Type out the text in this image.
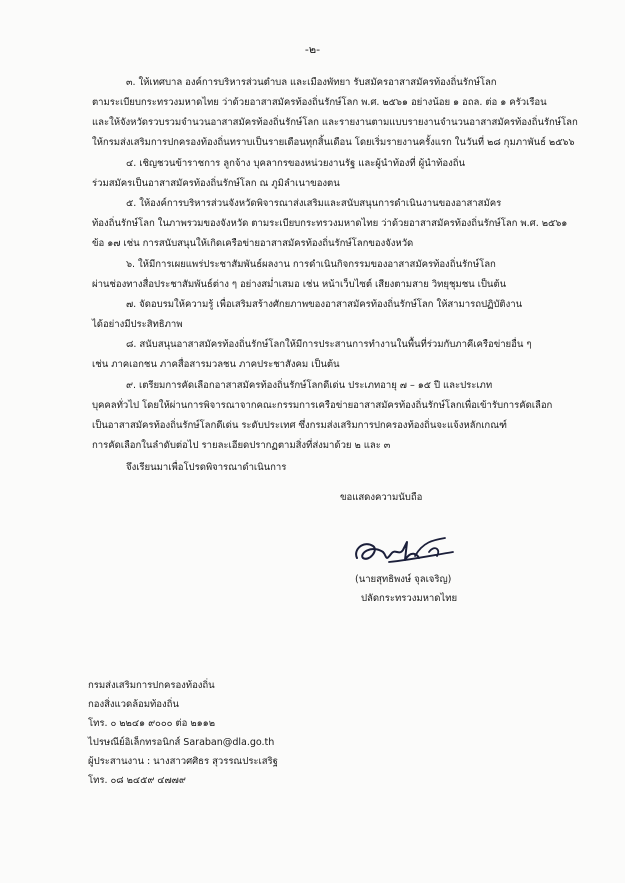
-๒-
๓. ให้เทศบาล องค์การบริหารส่วนตำบล และเมืองพัทยา รับสมัครอาสาสมัครท้องถิ่นรักษ์โลก
ตามระเบียบกระทรวงมหาดไทย ว่าด้วยอาสาสมัครท้องถิ่นรักษ์โลก พ.ศ. ๒๕๖๑ อย่างน้อย ๑ อถล. ต่อ ๑ ครัวเรือน
และให้จังหวัดรวบรวมจำนวนอาสาสมัครท้องถิ่นรักษ์โลก และรายงานตามแบบรายงานจำนวนอาสาสมัครท้องถิ่นรักษ์โลก
ให้กรมส่งเสริมการปกครองท้องถิ่นทราบเป็นรายเดือนทุกสิ้นเดือน โดยเริ่มรายงานครั้งแรก ในวันที่ ๒๘ กุมภาพันธ์ ๒๕๖๖
๔. เชิญชวนข้าราชการ ลูกจ้าง บุคลากรของหน่วยงานรัฐ และผู้นำท้องที่ ผู้นำท้องถิ่น
ร่วมสมัครเป็นอาสาสมัครท้องถิ่นรักษ์โลก ณ ภูมิลำเนาของตน
๕. ให้องค์การบริหารส่วนจังหวัดพิจารณาส่งเสริมและสนับสนุนการดำเนินงานของอาสาสมัคร
ท้องถิ่นรักษ์โลก ในภาพรวมของจังหวัด ตามระเบียบกระทรวงมหาดไทย ว่าด้วยอาสาสมัครท้องถิ่นรักษ์โลก พ.ศ. ๒๕๖๑
ข้อ ๑๗ เช่น การสนับสนุนให้เกิดเครือข่ายอาสาสมัครท้องถิ่นรักษ์โลกของจังหวัด
๖. ให้มีการเผยแพร่ประชาสัมพันธ์ผลงาน การดำเนินกิจกรรมของอาสาสมัครท้องถิ่นรักษ์โลก
ผ่านช่องทางสื่อประชาสัมพันธ์ต่าง ๆ อย่างสม่ำเสมอ เช่น หน้าเว็บไซต์ เสียงตามสาย วิทยุชุมชน เป็นต้น
๗. จัดอบรมให้ความรู้ เพื่อเสริมสร้างศักยภาพของอาสาสมัครท้องถิ่นรักษ์โลก ให้สามารถปฏิบัติงาน
ได้อย่างมีประสิทธิภาพ
๘. สนับสนุนอาสาสมัครท้องถิ่นรักษ์โลกให้มีการประสานการทำงานในพื้นที่ร่วมกับภาคีเครือข่ายอื่น ๆ
เช่น ภาคเอกชน ภาคสื่อสารมวลชน ภาคประชาสังคม เป็นต้น
๙. เตรียมการคัดเลือกอาสาสมัครท้องถิ่นรักษ์โลกดีเด่น ประเภทอายุ ๗ – ๑๕ ปี และประเภท
บุคคลทั่วไป โดยให้ผ่านการพิจารณาจากคณะกรรมการเครือข่ายอาสาสมัครท้องถิ่นรักษ์โลกเพื่อเข้ารับการคัดเลือก
เป็นอาสาสมัครท้องถิ่นรักษ์โลกดีเด่น ระดับประเทศ ซึ่งกรมส่งเสริมการปกครองท้องถิ่นจะแจ้งหลักเกณฑ์
การคัดเลือกในลำดับต่อไป รายละเอียดปรากฏตามสิ่งที่ส่งมาด้วย ๒ และ ๓
จึงเรียนมาเพื่อโปรดพิจารณาดำเนินการ
ขอแสดงความนับถือ
(นายสุทธิพงษ์ จุลเจริญ)
ปลัดกระทรวงมหาดไทย
กรมส่งเสริมการปกครองท้องถิ่น
กองสิ่งแวดล้อมท้องถิ่น
โทร. ๐ ๒๒๔๑ ๙๐๐๐ ต่อ ๒๑๑๒
ไปรษณีย์อิเล็กทรอนิกส์ Saraban@dla.go.th
ผู้ประสานงาน : นางสาวศศิธร สุวรรณประเสริฐ
โทร. ๐๘ ๒๔๕๙ ๔๗๗๙
